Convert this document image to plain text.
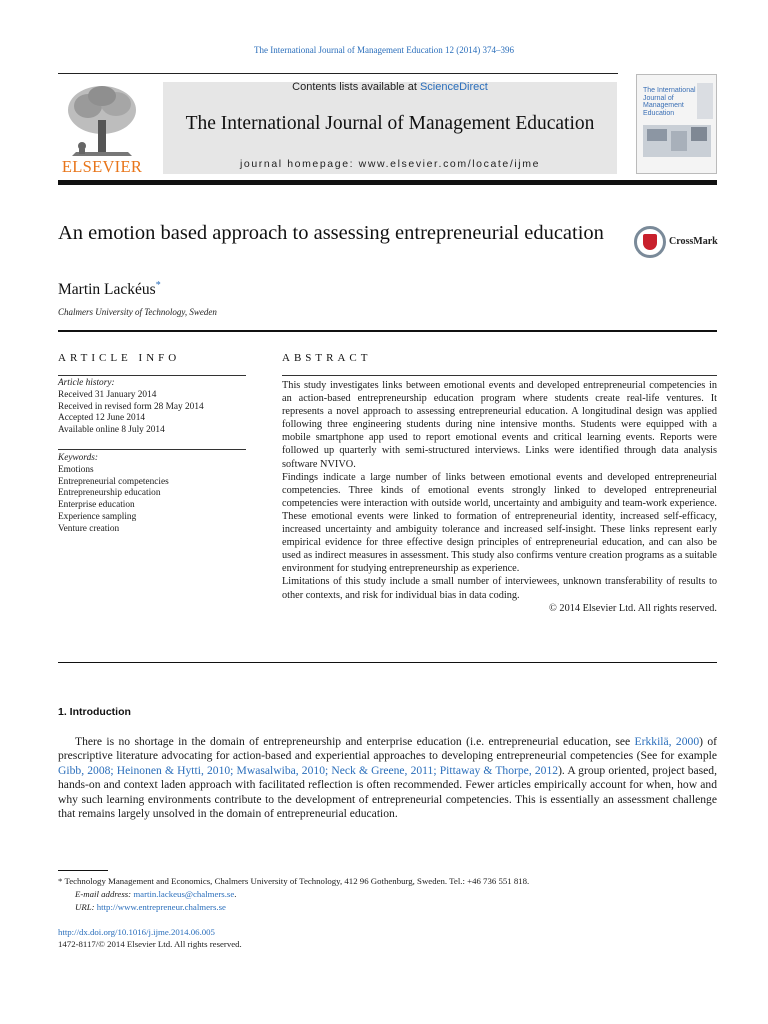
The International Journal of Management Education 12 (2014) 374–396
Contents lists available at ScienceDirect
The International Journal of Management Education
journal homepage: www.elsevier.com/locate/ijme
ELSEVIER
The International
Journal of
Management
Education
An emotion based approach to assessing entrepreneurial education	CrossMark
Martin Lackéus*
Chalmers University of Technology, Sweden
ARTICLE INFO
Article history:
Received 31 January 2014
Received in revised form 28 May 2014
Accepted 12 June 2014
Available online 8 July 2014
Keywords:
Emotions
Entrepreneurial competencies
Entrepreneurship education
Enterprise education
Experience sampling
Venture creation
ABSTRACT

This study investigates links between emotional events and developed entrepreneurial competencies in an action-based entrepreneurship education program where students create real-life ventures. It represents a novel approach to assessing entrepreneurial education. A longitudinal design was applied following three engineering students during nine intensive months. Students were equipped with a mobile smartphone app used to report emotional events and critical learning events. Reports were followed up quarterly with semi-structured interviews. Links were identified through data analysis software NVIVO.

Findings indicate a large number of links between emotional events and developed entrepreneurial competencies. Three kinds of emotional events strongly linked to developed entrepreneurial competencies were interaction with outside world, uncertainty and ambiguity and team-work experience. These emotional events were linked to formation of entrepreneurial identity, increased self-efficacy, increased uncertainty and ambiguity tolerance and increased self-insight. These links represent early empirical evidence for three effective design principles of entrepreneurial education, and can also be used as indirect measures in assessment. This study also confirms venture creation programs as a suitable environment for studying entrepreneurship as experience.

Limitations of this study include a small number of interviewees, unknown transferability of results to other contexts, and risk for individual bias in data coding.

© 2014 Elsevier Ltd. All rights reserved.

1. Introduction
There is no shortage in the domain of entrepreneurship and enterprise education (i.e. entrepreneurial education, see Erkkilä, 2000) of prescriptive literature advocating for action-based and experiential approaches to developing entrepreneurial competencies (See for example Gibb, 2008; Heinonen & Hytti, 2010; Mwasalwiba, 2010; Neck & Greene, 2011; Pittaway & Thorpe, 2012). A group oriented, project based, hands-on and context laden approach with facilitated reflection is often recommended. Fewer articles empirically account for when, how and why such learning environments contribute to the development of entrepreneurial competencies. This is essentially an assessment challenge that remains largely unsolved in the domain of entrepreneurial education.
* Technology Management and Economics, Chalmers University of Technology, 412 96 Gothenburg, Sweden. Tel.: +46 736 551 818.
E-mail address: martin.lackeus@chalmers.se.
URL: http://www.entrepreneur.chalmers.se
http://dx.doi.org/10.1016/j.ijme.2014.06.005
1472-8117/© 2014 Elsevier Ltd. All rights reserved.
